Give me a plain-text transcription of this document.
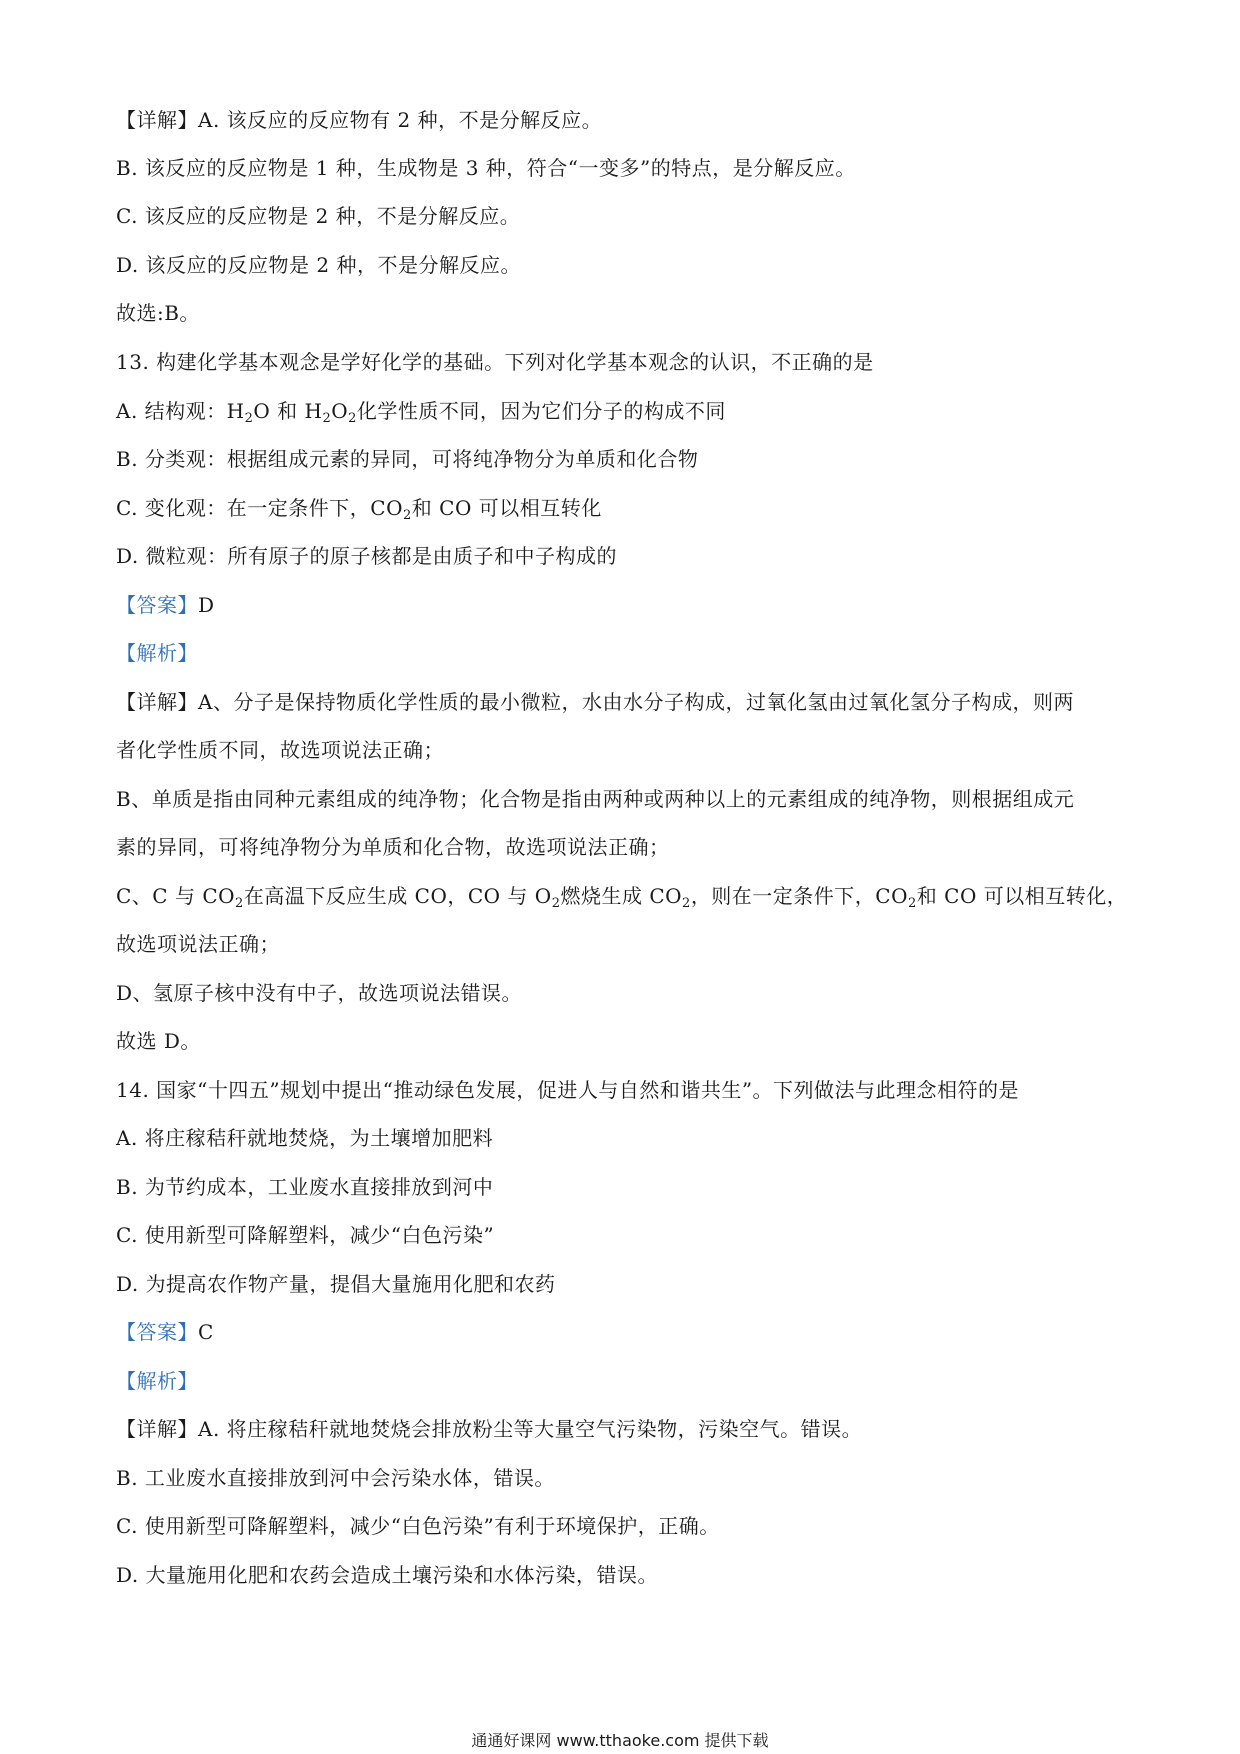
【详解】A. 该反应的反应物有 2 种，不是分解反应。
B. 该反应的反应物是 1 种，生成物是 3 种，符合“一变多”的特点，是分解反应。
C. 该反应的反应物是 2 种，不是分解反应。
D. 该反应的反应物是 2 种，不是分解反应。
故选:B。
13. 构建化学基本观念是学好化学的基础。下列对化学基本观念的认识，不正确的是
A. 结构观：$H_2O$ 和 $H_2O_2$化学性质不同，因为它们分子的构成不同
B. 分类观：根据组成元素的异同，可将纯净物分为单质和化合物
C. 变化观：在一定条件下，$CO_2$和 CO 可以相互转化
D. 微粒观：所有原子的原子核都是由质子和中子构成的
【答案】D
【解析】
【详解】A、分子是保持物质化学性质的最小微粒，水由水分子构成，过氧化氢由过氧化氢分子构成，则两
者化学性质不同，故选项说法正确；
B、单质是指由同种元素组成的纯净物；化合物是指由两种或两种以上的元素组成的纯净物，则根据组成元
素的异同，可将纯净物分为单质和化合物，故选项说法正确；
C、C 与 $CO_2$在高温下反应生成 CO，CO 与 $O_2$燃烧生成 $CO_2$，则在一定条件下，$CO_2$和 CO 可以相互转化，
故选项说法正确；
D、氢原子核中没有中子，故选项说法错误。
故选 D。
14. 国家“十四五”规划中提出“推动绿色发展，促进人与自然和谐共生”。下列做法与此理念相符的是
A. 将庄稼秸秆就地焚烧，为土壤增加肥料
B. 为节约成本，工业废水直接排放到河中
C. 使用新型可降解塑料，减少“白色污染”
D. 为提高农作物产量，提倡大量施用化肥和农药
【答案】C
【解析】
【详解】A. 将庄稼秸秆就地焚烧会排放粉尘等大量空气污染物，污染空气。错误。
B. 工业废水直接排放到河中会污染水体，错误。
C. 使用新型可降解塑料，减少“白色污染”有利于环境保护，正确。
D. 大量施用化肥和农药会造成土壤污染和水体污染，错误。
通通好课网 www.tthaoke.com 提供下载
